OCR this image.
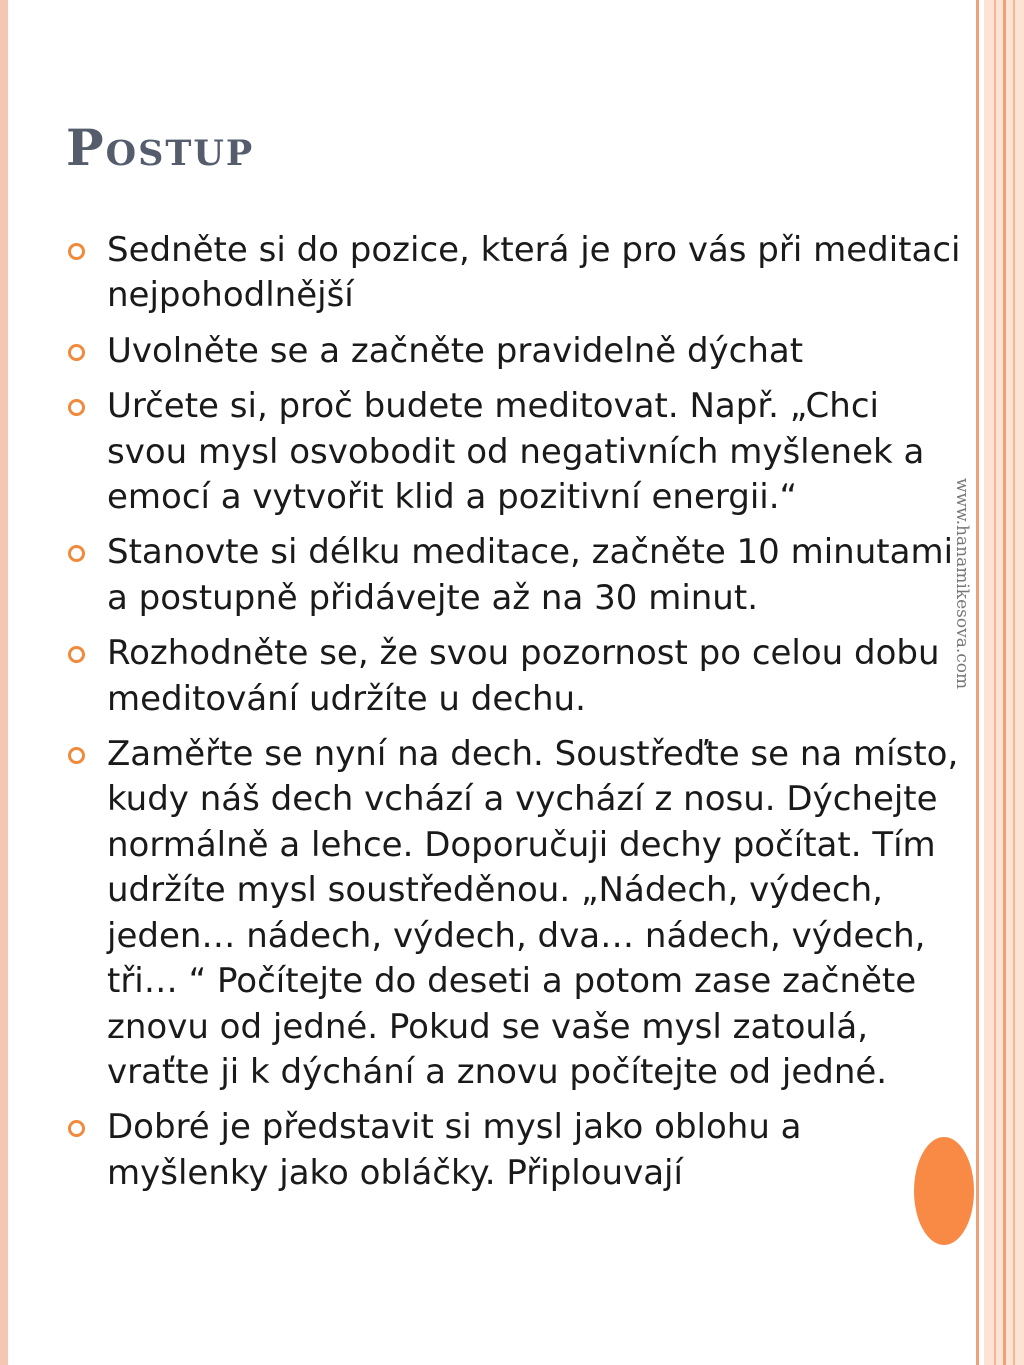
Postup
Sedněte si do pozice, která je pro vás při meditaci nejpohodlnější
Uvolněte se a začněte pravidelně dýchat
Určete si, proč budete meditovat. Např. „Chci svou mysl osvobodit od negativních myšlenek a emocí a vytvořit klid a pozitivní energii.“
Stanovte si délku meditace, začněte 10 minutami a postupně přidávejte až na 30 minut.
Rozhodněte se, že svou pozornost po celou dobu meditování udržíte u dechu.
Zaměřte se nyní na dech. Soustřeďte se na místo, kudy náš dech vchází a vychází z nosu. Dýchejte normálně a lehce. Doporučuji dechy počítat. Tím udržíte mysl soustředěnou. „Nádech, výdech, jeden… nádech, výdech, dva… nádech, výdech, tři… “ Počítejte do deseti a potom zase začněte znovu od jedné. Pokud se vaše mysl zatoulá, vraťte ji k dýchání a znovu počítejte od jedné.
Dobré je představit si mysl jako oblohu a myšlenky jako obláčky. Připlouvají
www.hanamikesova.com
